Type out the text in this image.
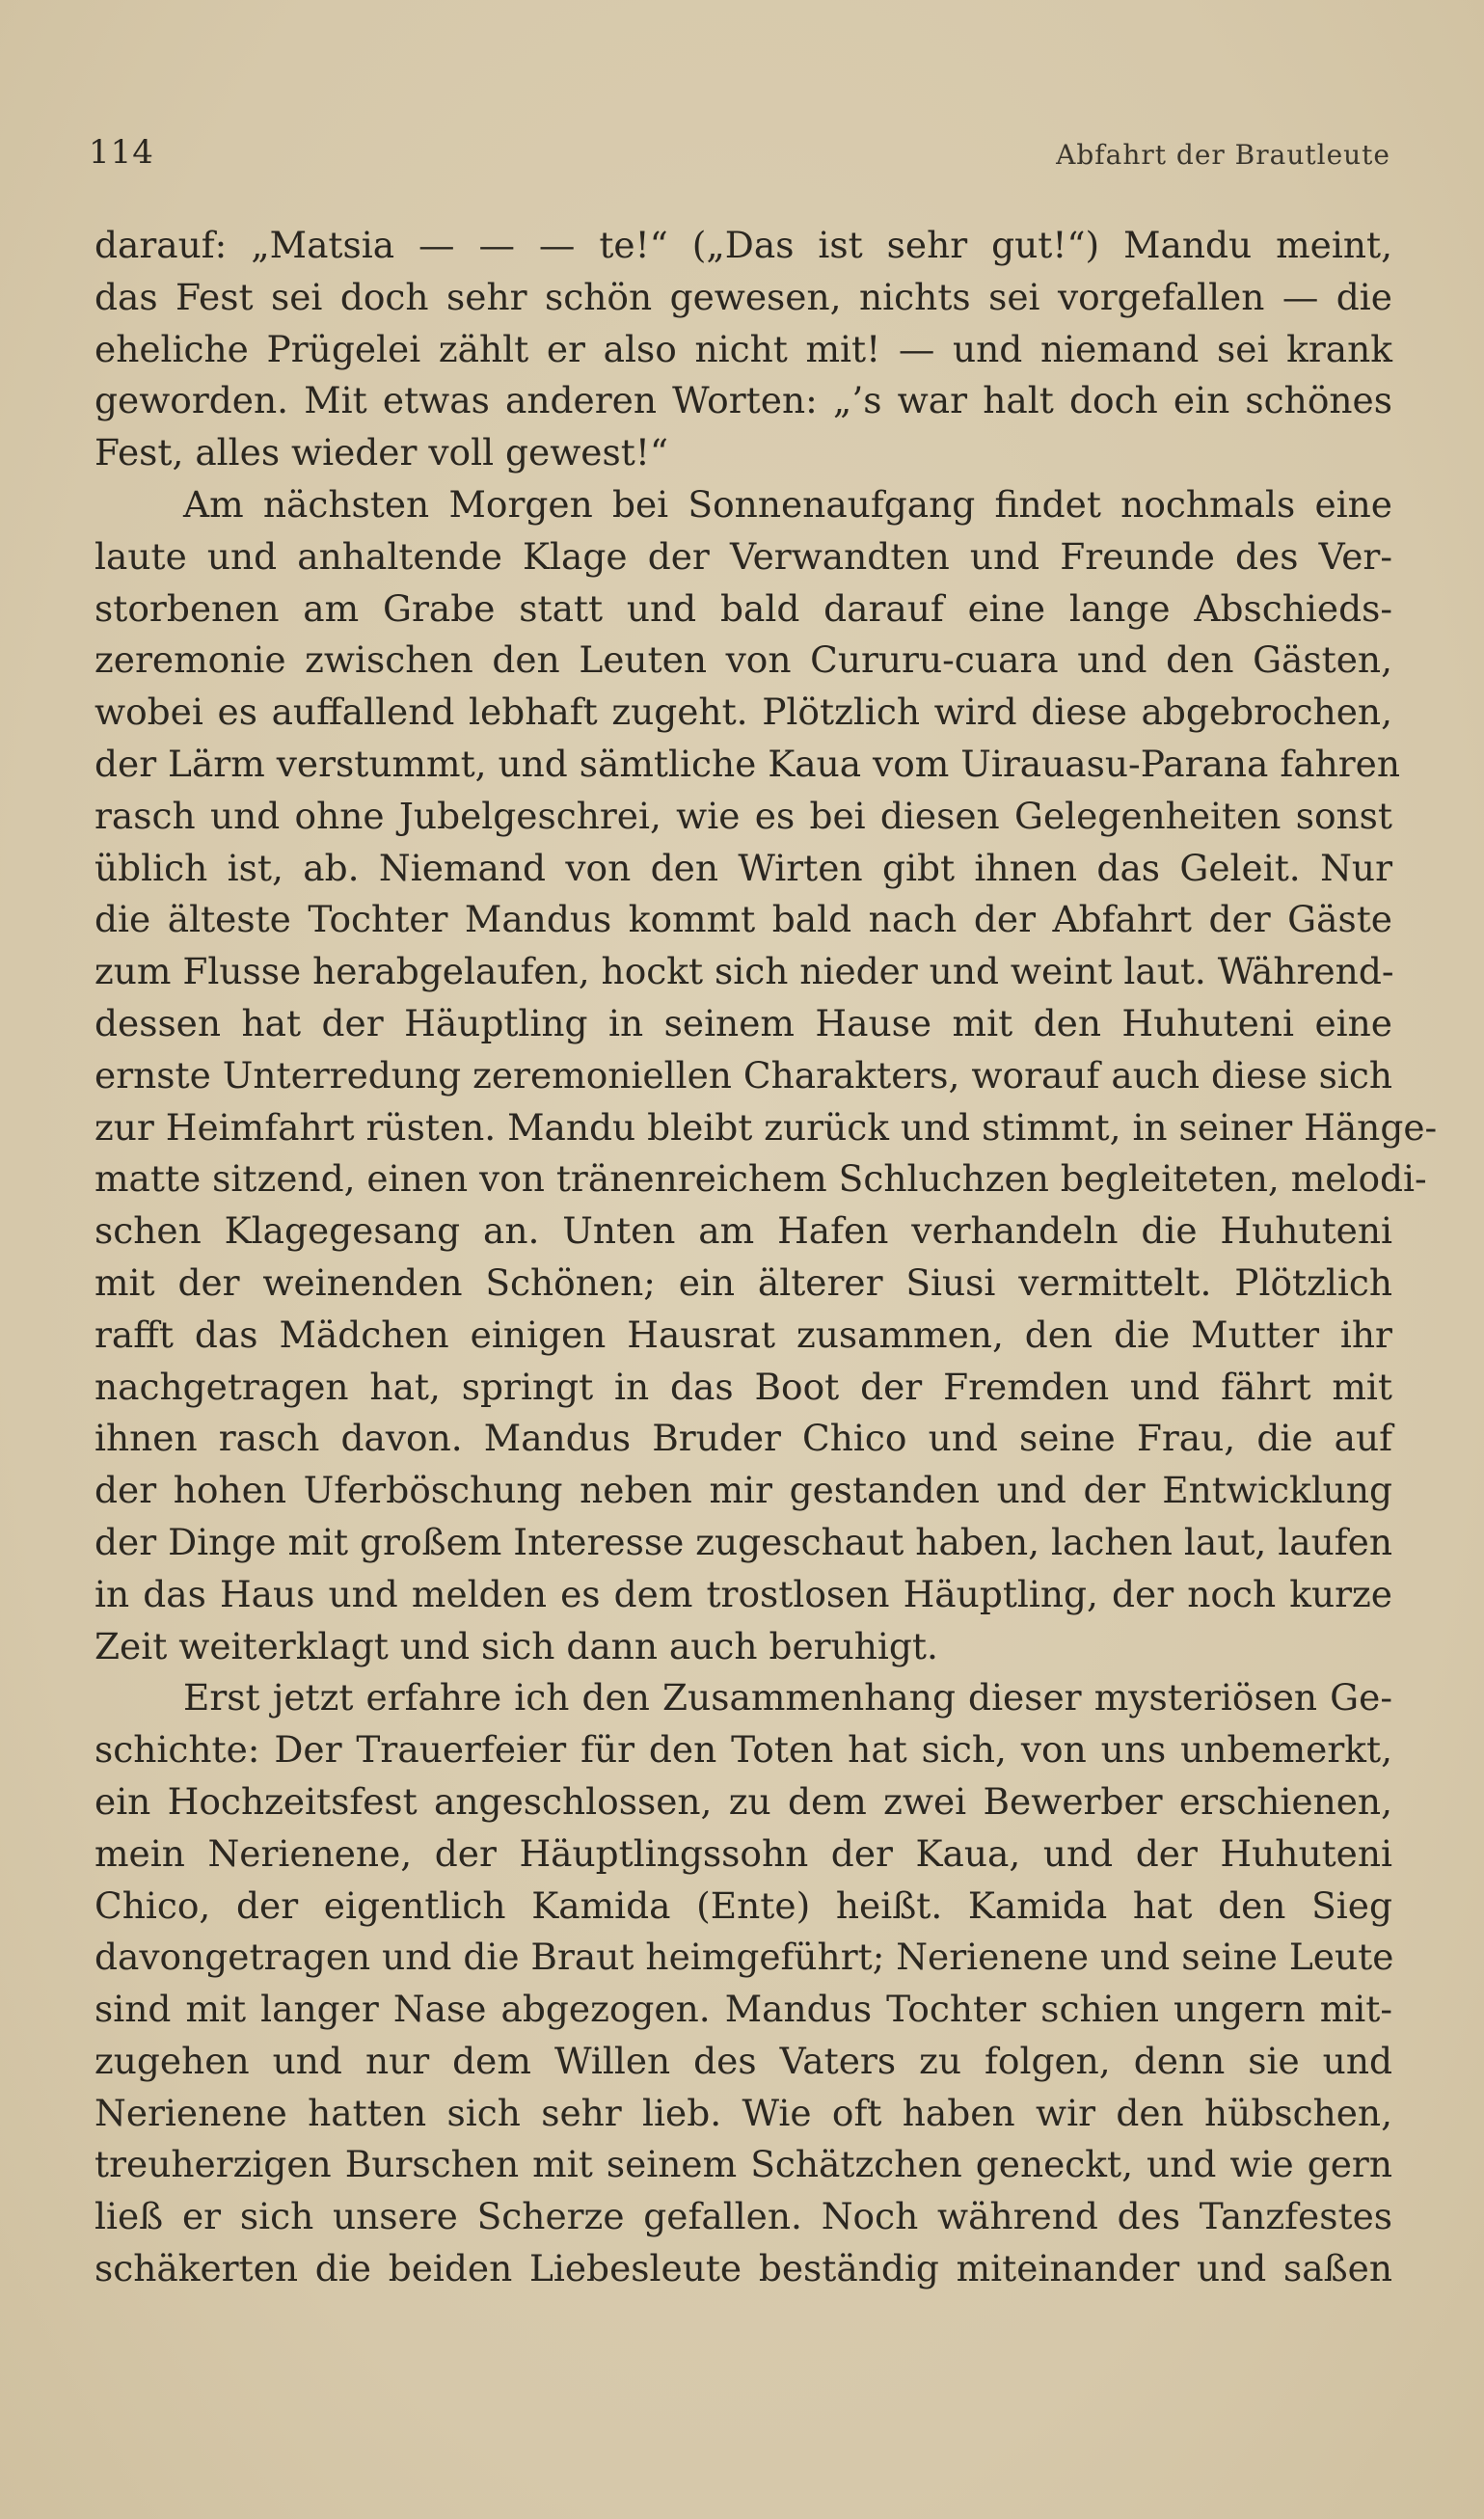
114	Abfahrt der Brautleute
darauf: „Matsia — — — te!“ („Das ist sehr gut!“) Mandu meint,
das Fest sei doch sehr schön gewesen, nichts sei vorgefallen — die
eheliche Prügelei zählt er also nicht mit! — und niemand sei krank
geworden. Mit etwas anderen Worten: „’s war halt doch ein schönes
Fest, alles wieder voll gewest!“
Am nächsten Morgen bei Sonnenaufgang findet nochmals eine
laute und anhaltende Klage der Verwandten und Freunde des Ver-
storbenen am Grabe statt und bald darauf eine lange Abschieds-
zeremonie zwischen den Leuten von Cururu-cuara und den Gästen,
wobei es auffallend lebhaft zugeht. Plötzlich wird diese abgebrochen,
der Lärm verstummt, und sämtliche Kaua vom Uirauasu-Parana fahren
rasch und ohne Jubelgeschrei, wie es bei diesen Gelegenheiten sonst
üblich ist, ab. Niemand von den Wirten gibt ihnen das Geleit. Nur
die älteste Tochter Mandus kommt bald nach der Abfahrt der Gäste
zum Flusse herabgelaufen, hockt sich nieder und weint laut. Während-
dessen hat der Häuptling in seinem Hause mit den Huhuteni eine
ernste Unterredung zeremoniellen Charakters, worauf auch diese sich
zur Heimfahrt rüsten. Mandu bleibt zurück und stimmt, in seiner Hänge-
matte sitzend, einen von tränenreichem Schluchzen begleiteten, melodi-
schen Klagegesang an. Unten am Hafen verhandeln die Huhuteni
mit der weinenden Schönen; ein älterer Siusi vermittelt. Plötzlich
rafft das Mädchen einigen Hausrat zusammen, den die Mutter ihr
nachgetragen hat, springt in das Boot der Fremden und fährt mit
ihnen rasch davon. Mandus Bruder Chico und seine Frau, die auf
der hohen Uferböschung neben mir gestanden und der Entwicklung
der Dinge mit großem Interesse zugeschaut haben, lachen laut, laufen
in das Haus und melden es dem trostlosen Häuptling, der noch kurze
Zeit weiterklagt und sich dann auch beruhigt.
Erst jetzt erfahre ich den Zusammenhang dieser mysteriösen Ge-
schichte: Der Trauerfeier für den Toten hat sich, von uns unbemerkt,
ein Hochzeitsfest angeschlossen, zu dem zwei Bewerber erschienen,
mein Nerienene, der Häuptlingssohn der Kaua, und der Huhuteni
Chico, der eigentlich Kamida (Ente) heißt. Kamida hat den Sieg
davongetragen und die Braut heimgeführt; Nerienene und seine Leute
sind mit langer Nase abgezogen. Mandus Tochter schien ungern mit-
zugehen und nur dem Willen des Vaters zu folgen, denn sie und
Nerienene hatten sich sehr lieb. Wie oft haben wir den hübschen,
treuherzigen Burschen mit seinem Schätzchen geneckt, und wie gern
ließ er sich unsere Scherze gefallen. Noch während des Tanzfestes
schäkerten die beiden Liebesleute beständig miteinander und saßen
